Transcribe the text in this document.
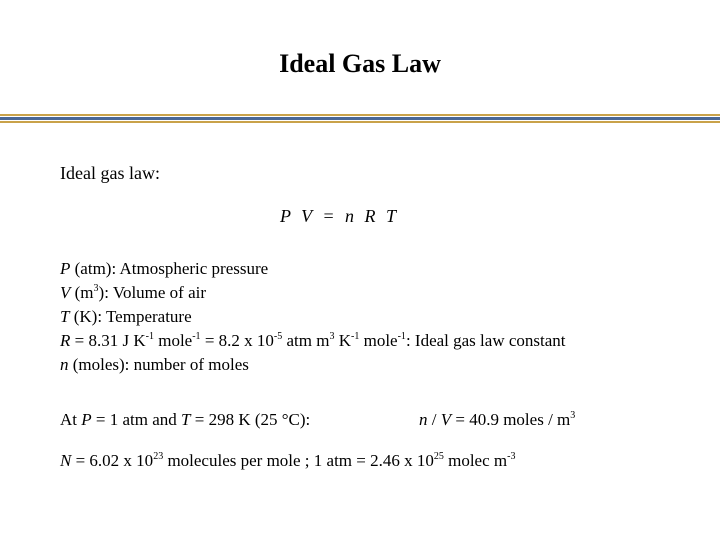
Ideal Gas Law
Ideal gas law:
P V = n R T
P (atm): Atmospheric pressure
V $(m^3)$: Volume of air
T (K): Temperature
R = 8.31 J $K^{-1}$ mole$^{-1}$ = 8.2 x $10^{-5}$ atm $m^3$ $K^{-1}$ mole$^{-1}$: Ideal gas law constant
n (moles): number of moles
At P = 1 atm and T = 298 K (25 °C):	n / V = 40.9 moles / $m^3$
N = 6.02 x $10^{23}$ molecules per mole ; 1 atm = 2.46 x $10^{25}$ molec $m^{-3}$
